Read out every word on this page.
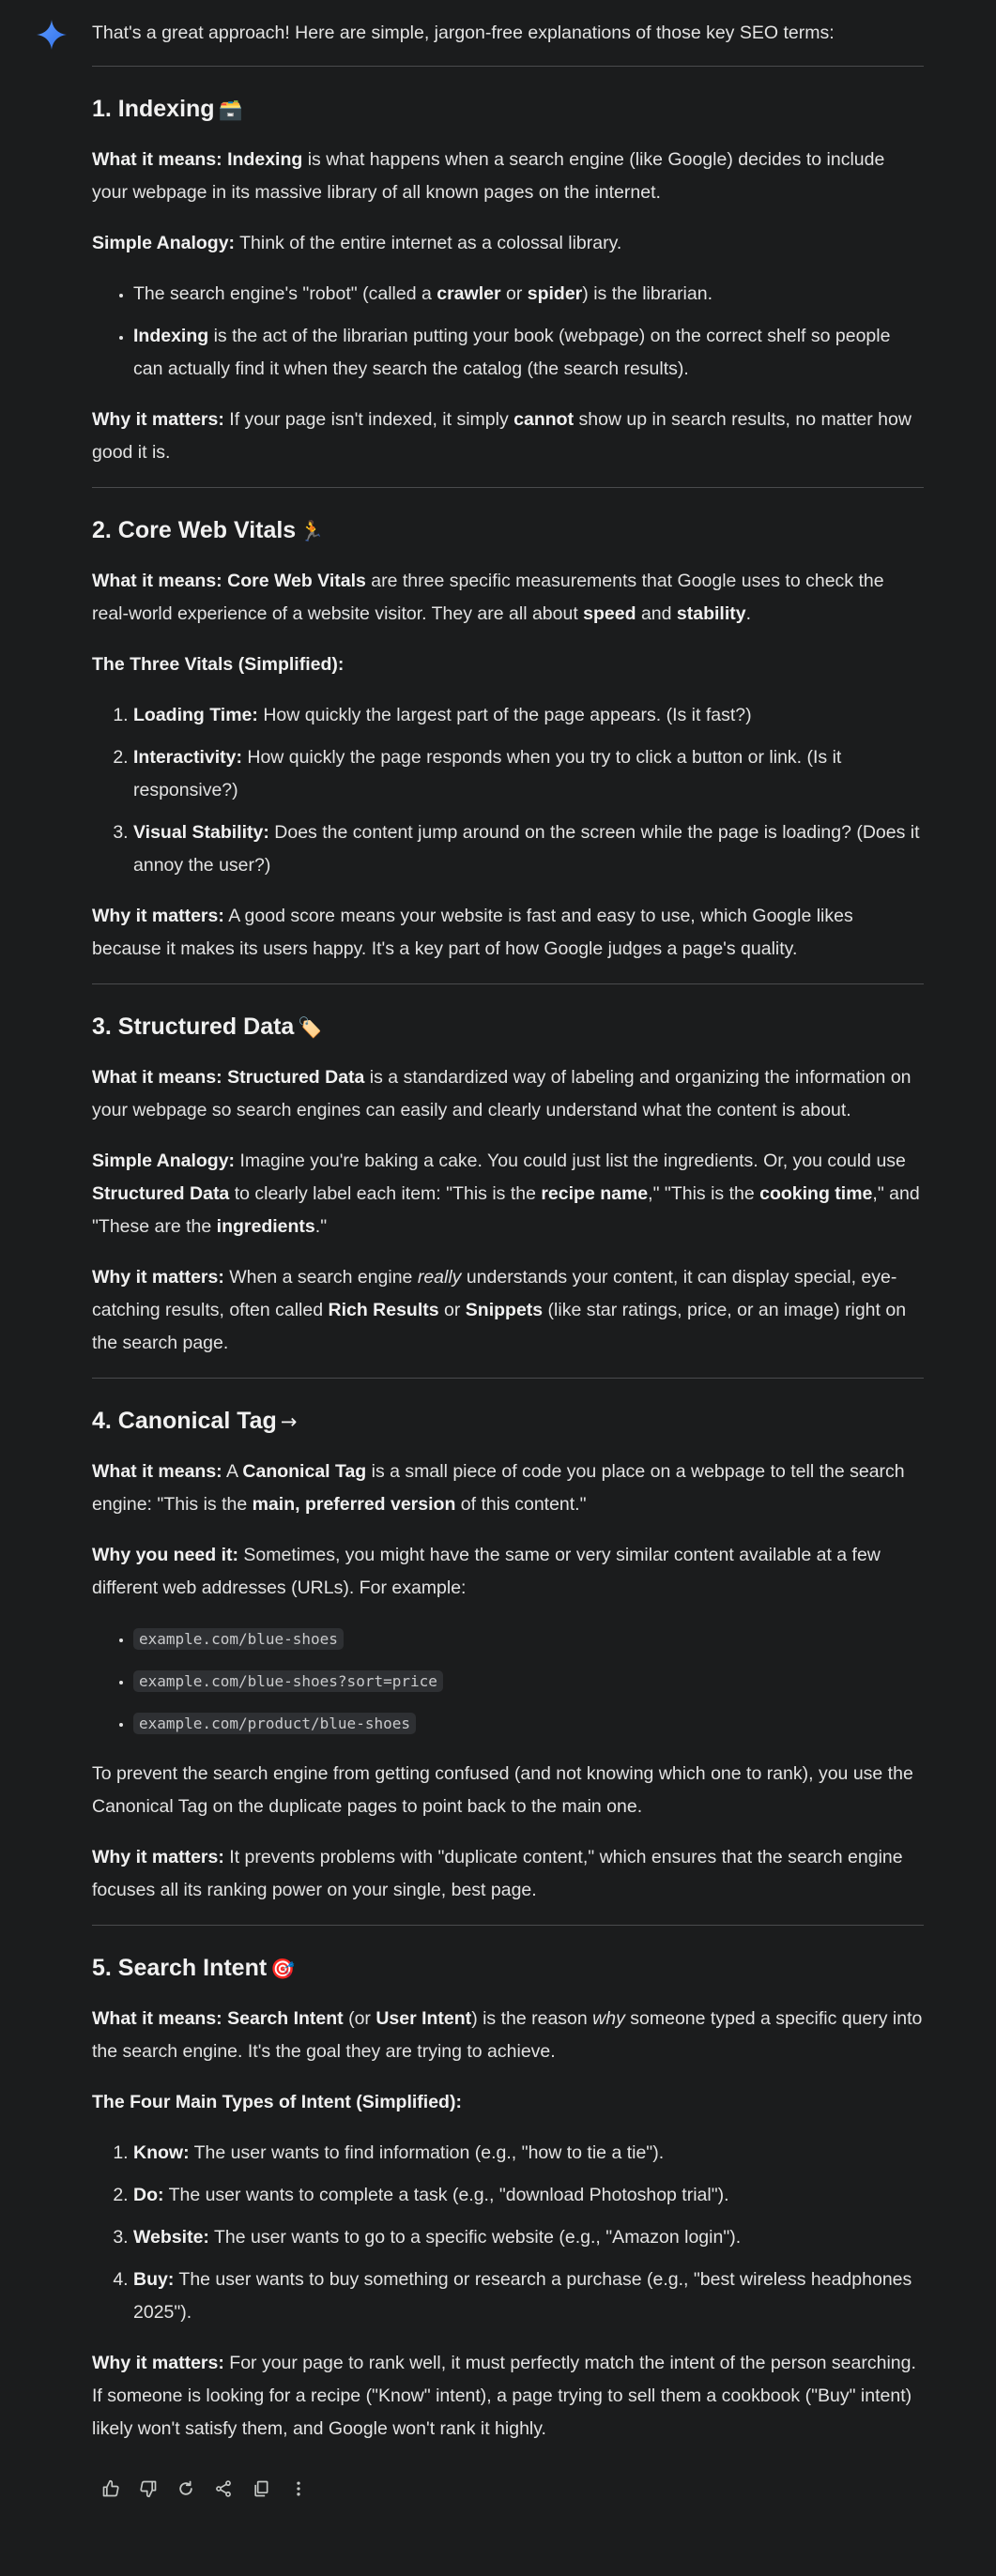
That's a great approach! Here are simple, jargon-free explanations of those key SEO terms:

1. Indexing 🗃️

What it means: Indexing is what happens when a search engine (like Google) decides to include your webpage in its massive library of all known pages on the internet.

Simple Analogy: Think of the entire internet as a colossal library.

• The search engine's "robot" (called a crawler or spider) is the librarian.
• Indexing is the act of the librarian putting your book (webpage) on the correct shelf so people can actually find it when they search the catalog (the search results).

Why it matters: If your page isn't indexed, it simply cannot show up in search results, no matter how good it is.

2. Core Web Vitals 🏃

What it means: Core Web Vitals are three specific measurements that Google uses to check the real-world experience of a website visitor. They are all about speed and stability.

The Three Vitals (Simplified):

1. Loading Time: How quickly the largest part of the page appears. (Is it fast?)
2. Interactivity: How quickly the page responds when you try to click a button or link. (Is it responsive?)
3. Visual Stability: Does the content jump around on the screen while the page is loading? (Does it annoy the user?)

Why it matters: A good score means your website is fast and easy to use, which Google likes because it makes its users happy. It's a key part of how Google judges a page's quality.

3. Structured Data 🏷️

What it means: Structured Data is a standardized way of labeling and organizing the information on your webpage so search engines can easily and clearly understand what the content is about.

Simple Analogy: Imagine you're baking a cake. You could just list the ingredients. Or, you could use Structured Data to clearly label each item: "This is the recipe name," "This is the cooking time," and "These are the ingredients."

Why it matters: When a search engine really understands your content, it can display special, eye-catching results, often called Rich Results or Snippets (like star ratings, price, or an image) right on the search page.

4. Canonical Tag →

What it means: A Canonical Tag is a small piece of code you place on a webpage to tell the search engine: "This is the main, preferred version of this content."

Why you need it: Sometimes, you might have the same or very similar content available at a few different web addresses (URLs). For example:

• example.com/blue-shoes
• example.com/blue-shoes?sort=price
• example.com/product/blue-shoes

To prevent the search engine from getting confused (and not knowing which one to rank), you use the Canonical Tag on the duplicate pages to point back to the main one.

Why it matters: It prevents problems with "duplicate content," which ensures that the search engine focuses all its ranking power on your single, best page.

5. Search Intent 🎯

What it means: Search Intent (or User Intent) is the reason why someone typed a specific query into the search engine. It's the goal they are trying to achieve.

The Four Main Types of Intent (Simplified):

1. Know: The user wants to find information (e.g., "how to tie a tie").
2. Do: The user wants to complete a task (e.g., "download Photoshop trial").
3. Website: The user wants to go to a specific website (e.g., "Amazon login").
4. Buy: The user wants to buy something or research a purchase (e.g., "best wireless headphones 2025").

Why it matters: For your page to rank well, it must perfectly match the intent of the person searching. If someone is looking for a recipe ("Know" intent), a page trying to sell them a cookbook ("Buy" intent) likely won't satisfy them, and Google won't rank it highly.
